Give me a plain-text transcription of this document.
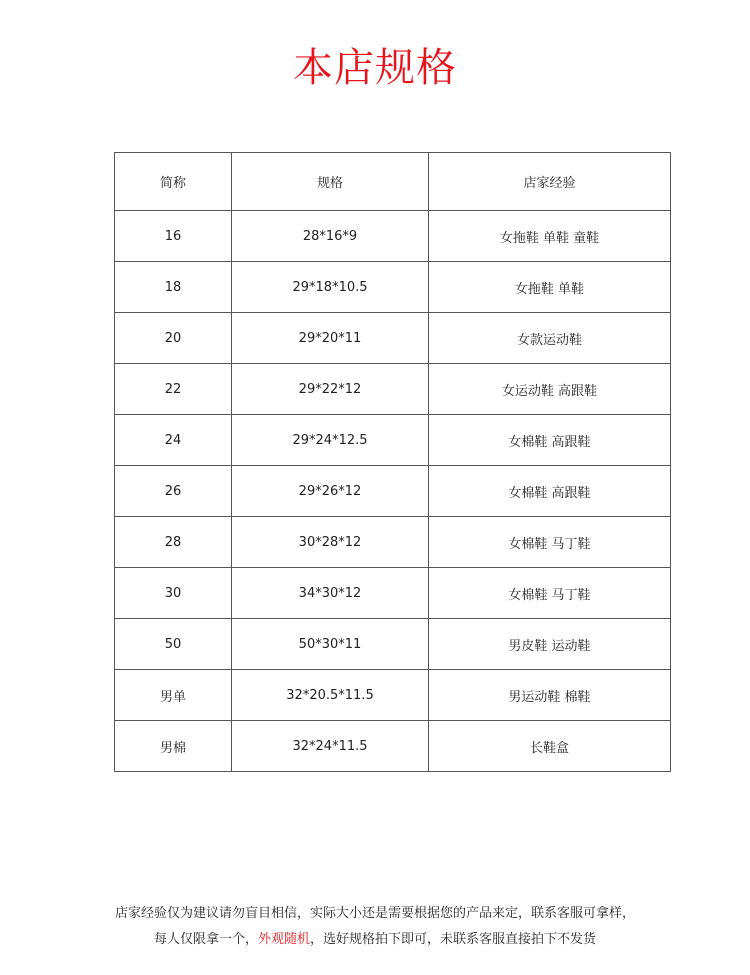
本店规格
简称	规格	店家经验
16	28*16*9	女拖鞋 单鞋 童鞋
18	29*18*10.5	女拖鞋 单鞋
20	29*20*11	女款运动鞋
22	29*22*12	女运动鞋 高跟鞋
24	29*24*12.5	女棉鞋 高跟鞋
26	29*26*12	女棉鞋 高跟鞋
28	30*28*12	女棉鞋 马丁鞋
30	34*30*12	女棉鞋 马丁鞋
50	50*30*11	男皮鞋 运动鞋
男单	32*20.5*11.5	男运动鞋 棉鞋
男棉	32*24*11.5	长鞋盒
店家经验仅为建议请勿盲目相信，实际大小还是需要根据您的产品来定，联系客服可拿样，
每人仅限拿一个，外观随机，选好规格拍下即可，未联系客服直接拍下不发货
